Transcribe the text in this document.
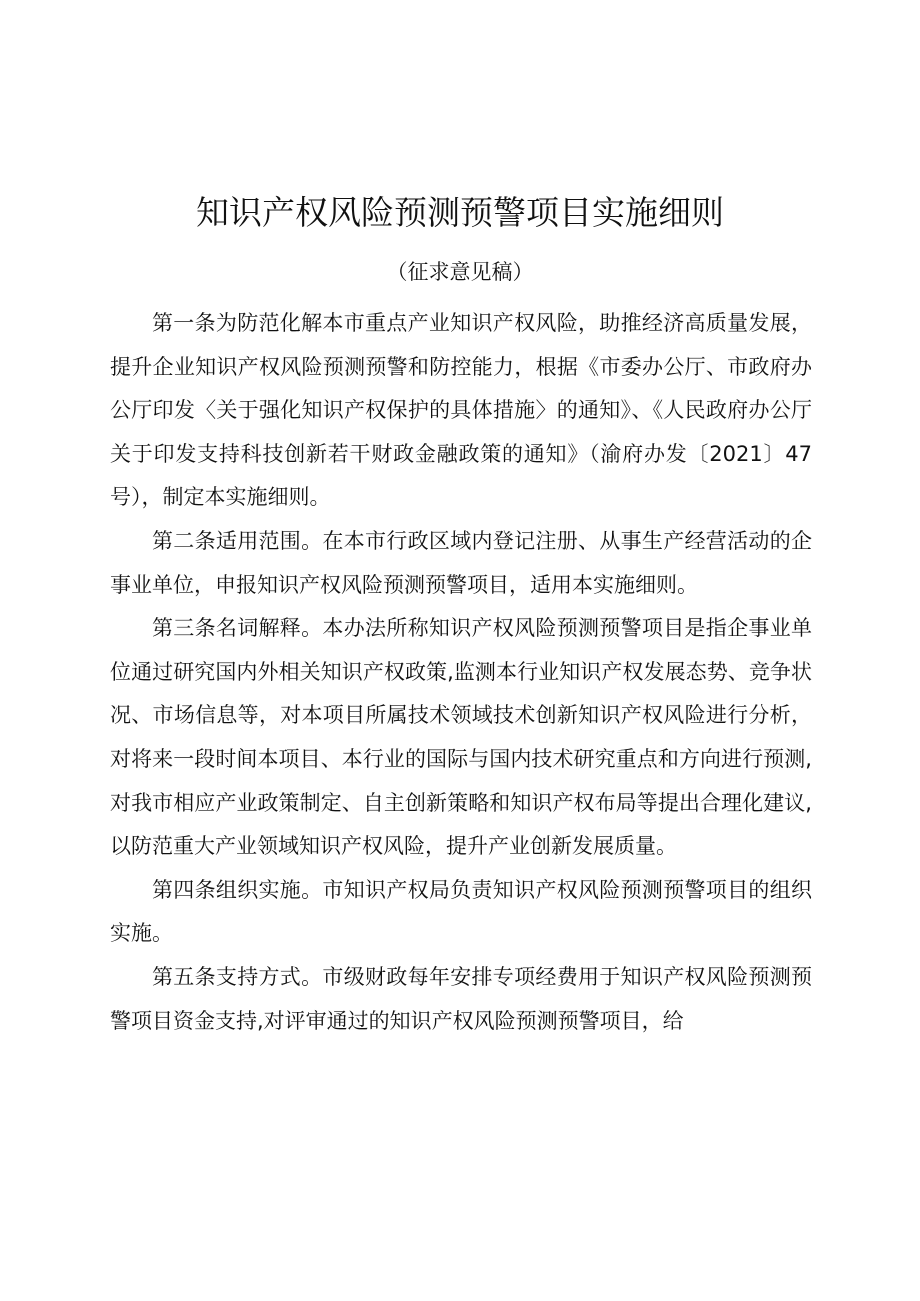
知识产权风险预测预警项目实施细则

（征求意见稿）

第一条为防范化解本市重点产业知识产权风险，助推经济高质量发展，提升企业知识产权风险预测预警和防控能力，根据《市委办公厅、市政府办公厅印发〈关于强化知识产权保护的具体措施〉的通知》、《人民政府办公厅关于印发支持科技创新若干财政金融政策的通知》（渝府办发〔2021〕47号），制定本实施细则。

第二条适用范围。在本市行政区域内登记注册、从事生产经营活动的企事业单位，申报知识产权风险预测预警项目，适用本实施细则。

第三条名词解释。本办法所称知识产权风险预测预警项目是指企事业单位通过研究国内外相关知识产权政策,监测本行业知识产权发展态势、竞争状况、市场信息等，对本项目所属技术领域技术创新知识产权风险进行分析，对将来一段时间本项目、本行业的国际与国内技术研究重点和方向进行预测,对我市相应产业政策制定、自主创新策略和知识产权布局等提出合理化建议,以防范重大产业领域知识产权风险，提升产业创新发展质量。

第四条组织实施。市知识产权局负责知识产权风险预测预警项目的组织实施。

第五条支持方式。市级财政每年安排专项经费用于知识产权风险预测预警项目资金支持,对评审通过的知识产权风险预测预警项目，给
